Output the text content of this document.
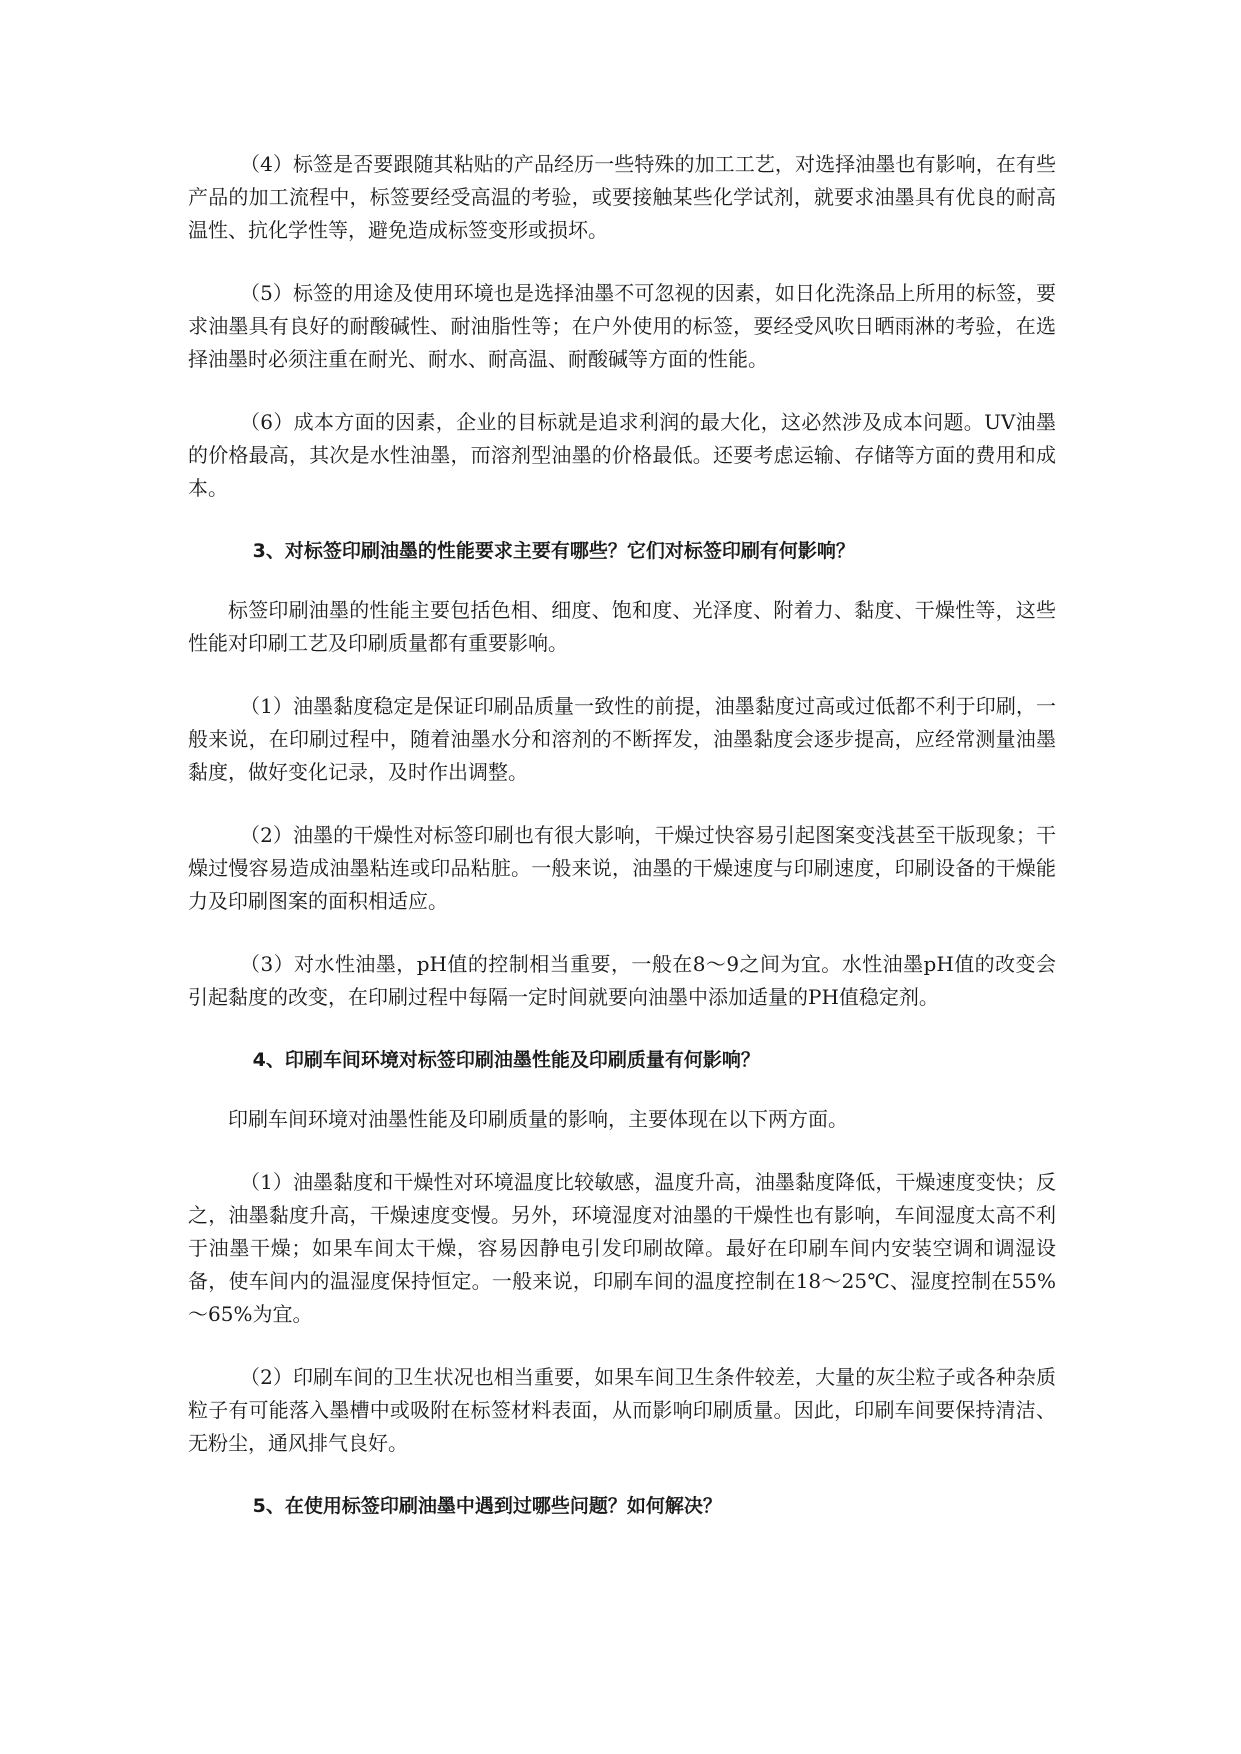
（4）标签是否要跟随其粘贴的产品经历一些特殊的加工工艺，对选择油墨也有影响，在有些产品的加工流程中，标签要经受高温的考验，或要接触某些化学试剂，就要求油墨具有优良的耐高温性、抗化学性等，避免造成标签变形或损坏。

（5）标签的用途及使用环境也是选择油墨不可忽视的因素，如日化洗涤品上所用的标签，要求油墨具有良好的耐酸碱性、耐油脂性等；在户外使用的标签，要经受风吹日晒雨淋的考验，在选择油墨时必须注重在耐光、耐水、耐高温、耐酸碱等方面的性能。

（6）成本方面的因素，企业的目标就是追求利润的最大化，这必然涉及成本问题。UV油墨的价格最高，其次是水性油墨，而溶剂型油墨的价格最低。还要考虑运输、存储等方面的费用和成本。

3、对标签印刷油墨的性能要求主要有哪些？它们对标签印刷有何影响？

标签印刷油墨的性能主要包括色相、细度、饱和度、光泽度、附着力、黏度、干燥性等，这些性能对印刷工艺及印刷质量都有重要影响。

（1）油墨黏度稳定是保证印刷品质量一致性的前提，油墨黏度过高或过低都不利于印刷，一般来说，在印刷过程中，随着油墨水分和溶剂的不断挥发，油墨黏度会逐步提高，应经常测量油墨黏度，做好变化记录，及时作出调整。

（2）油墨的干燥性对标签印刷也有很大影响，干燥过快容易引起图案变浅甚至干版现象；干燥过慢容易造成油墨粘连或印品粘脏。一般来说，油墨的干燥速度与印刷速度，印刷设备的干燥能力及印刷图案的面积相适应。

（3）对水性油墨，pH值的控制相当重要，一般在8～9之间为宜。水性油墨pH值的改变会引起黏度的改变，在印刷过程中每隔一定时间就要向油墨中添加适量的PH值稳定剂。

4、印刷车间环境对标签印刷油墨性能及印刷质量有何影响？

印刷车间环境对油墨性能及印刷质量的影响，主要体现在以下两方面。

（1）油墨黏度和干燥性对环境温度比较敏感，温度升高，油墨黏度降低，干燥速度变快；反之，油墨黏度升高，干燥速度变慢。另外，环境湿度对油墨的干燥性也有影响，车间湿度太高不利于油墨干燥；如果车间太干燥，容易因静电引发印刷故障。最好在印刷车间内安装空调和调湿设备，使车间内的温湿度保持恒定。一般来说，印刷车间的温度控制在18～25℃、湿度控制在55%～65%为宜。

（2）印刷车间的卫生状况也相当重要，如果车间卫生条件较差，大量的灰尘粒子或各种杂质粒子有可能落入墨槽中或吸附在标签材料表面，从而影响印刷质量。因此，印刷车间要保持清洁、无粉尘，通风排气良好。

5、在使用标签印刷油墨中遇到过哪些问题？如何解决？
